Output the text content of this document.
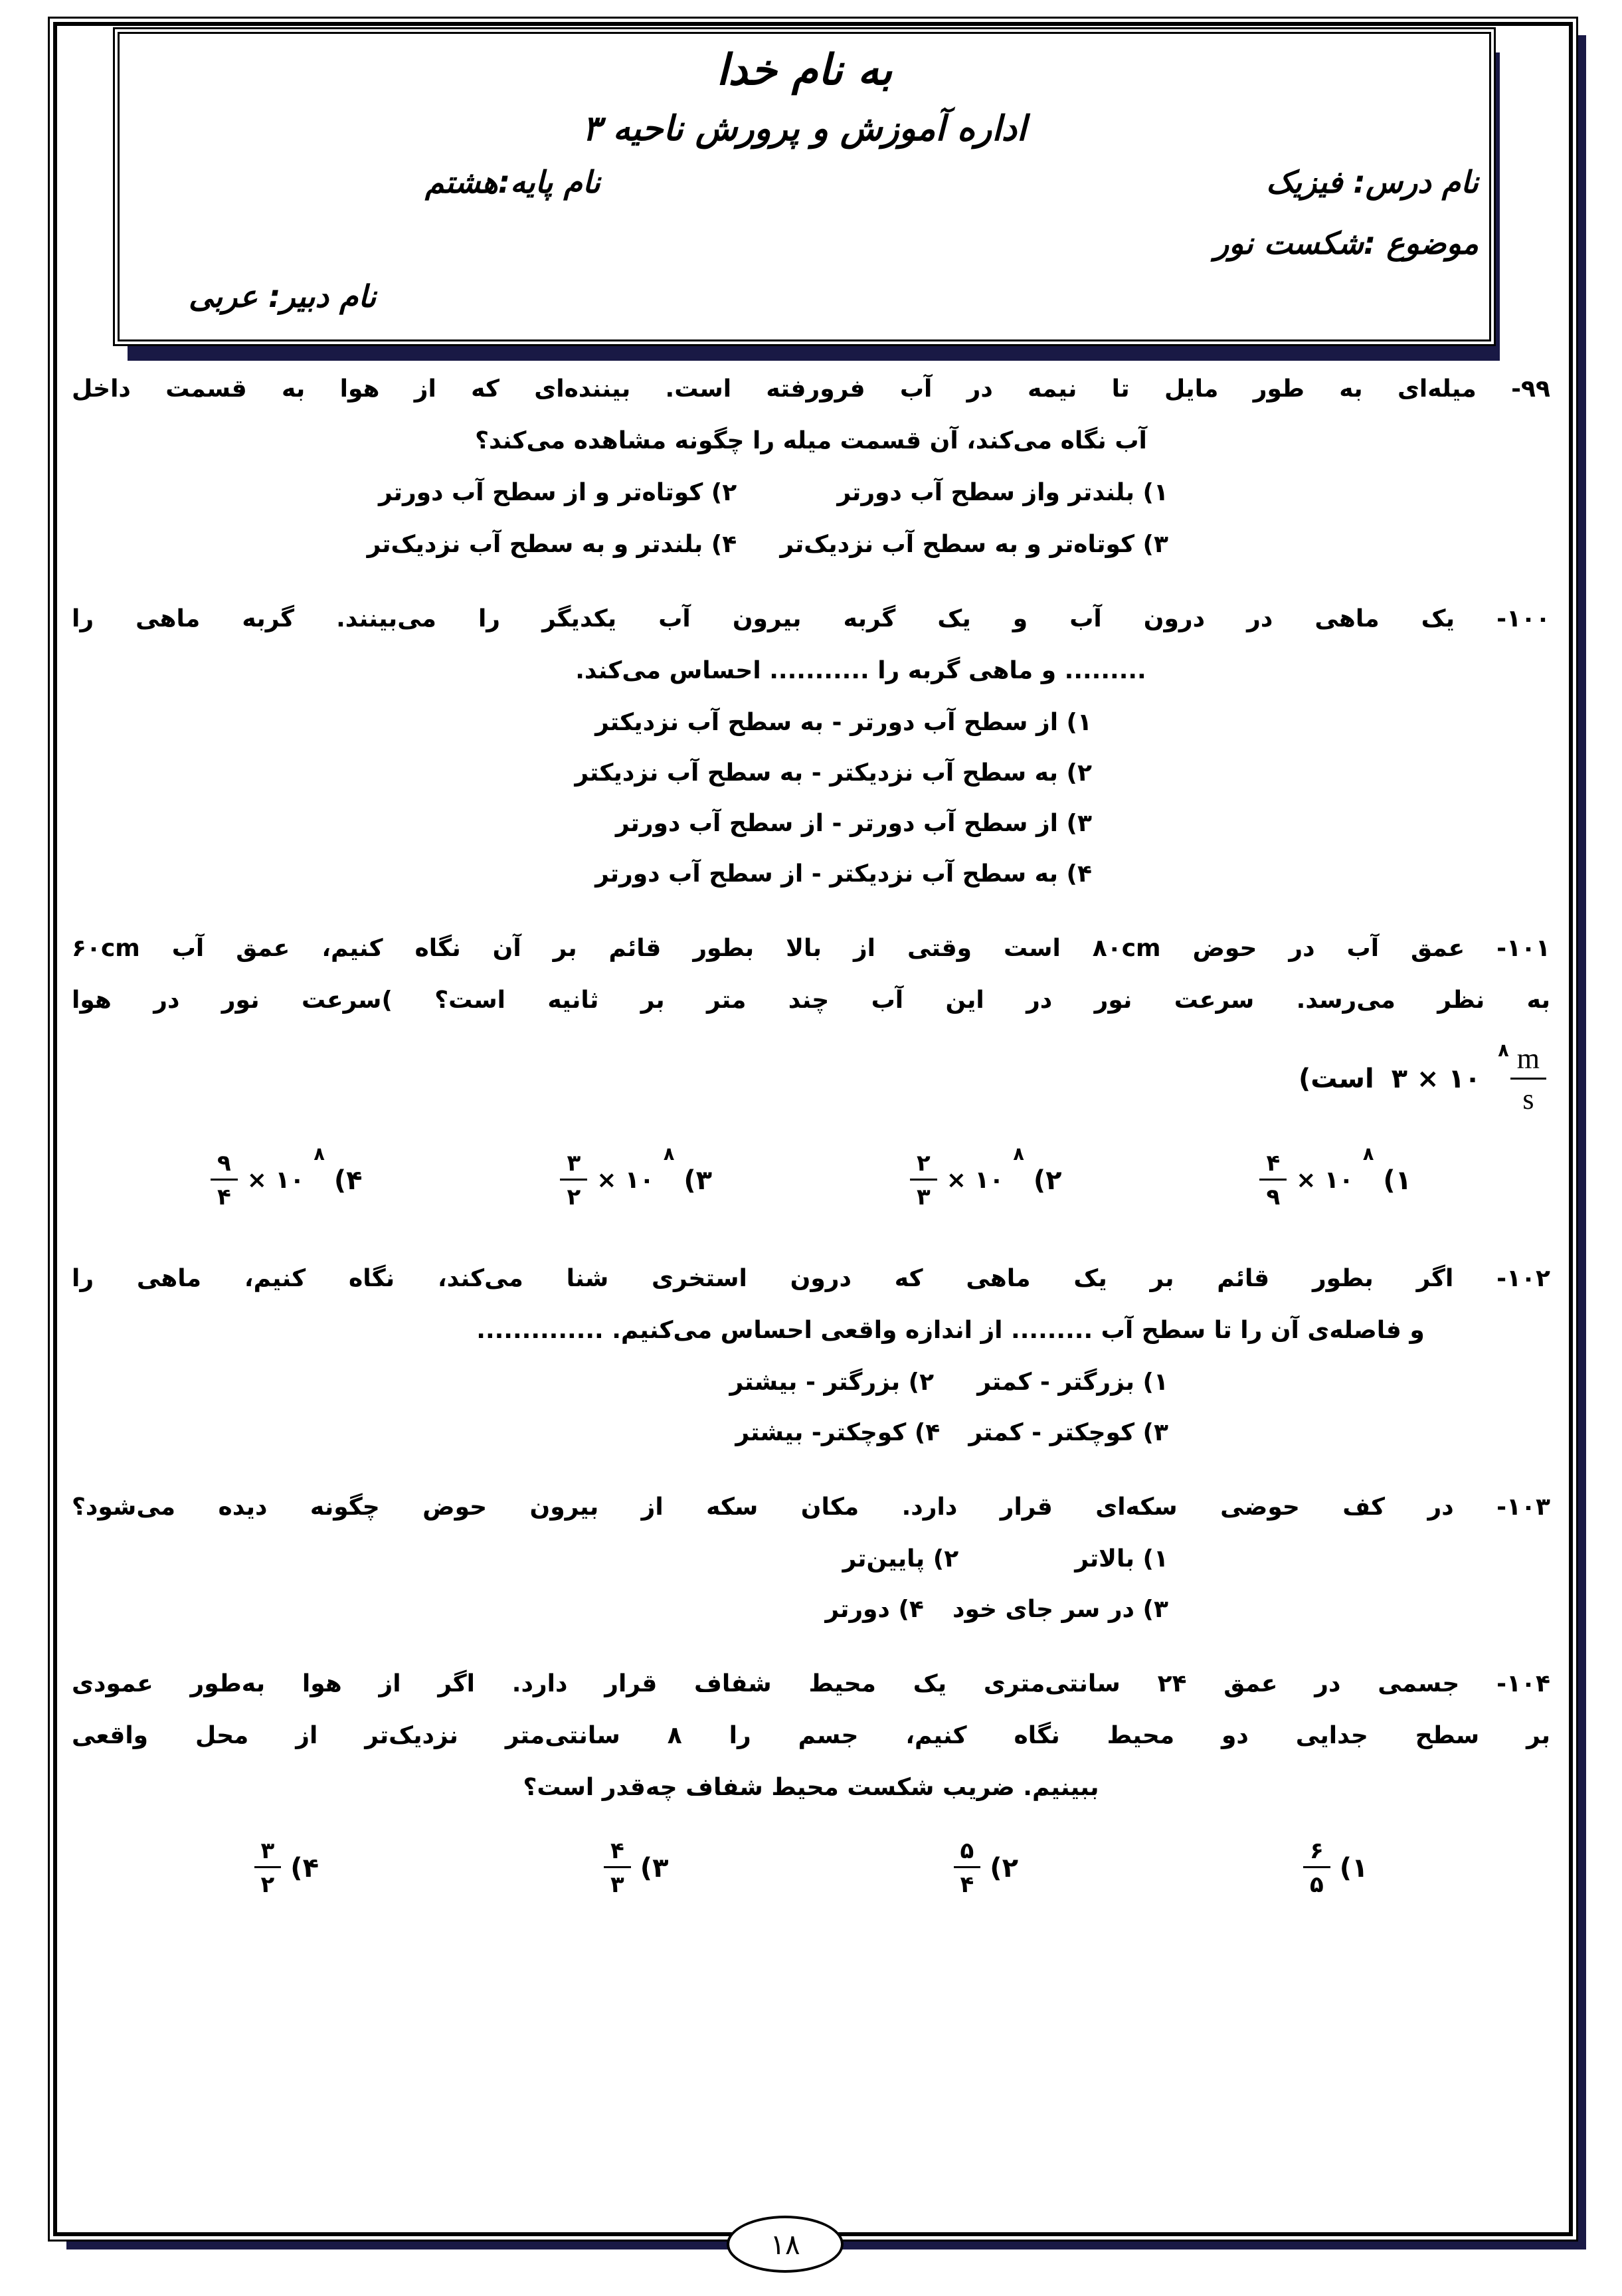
به نام خدا
اداره آموزش و پرورش ناحیه ۳
نام درس: فیزیک
نام پایه:هشتم
موضوع :شکست نور
نام دبیر: عربی
۹۹- میله‌ای به طور مایل تا نیمه در آب فرورفته است. بیننده‌ای که از هوا به قسمت داخل
آب نگاه می‌کند، آن قسمت میله را چگونه مشاهده می‌کند؟
۱) بلندتر واز سطح آب دورتر
۲) کوتاه‌تر و از سطح آب دورتر
۳) کوتاه‌تر و به سطح آب نزدیک‌تر
۴) بلندتر و به سطح آب نزدیک‌تر
۱۰۰- یک ماهی در درون آب و یک گربه بیرون آب یکدیگر را می‌بینند. گربه ماهی را
......... و ماهی گربه را ........... احساس می‌کند.
۱) از سطح آب دورتر - به سطح آب نزدیکتر
۲) به سطح آب نزدیکتر - به سطح آب نزدیکتر
۳) از سطح آب دورتر - از سطح آب دورتر
۴) به سطح آب نزدیکتر - از سطح آب دورتر
۱۰۱- عمق آب در حوض ۸۰cm است وقتی از بالا بطور قائم بر آن نگاه کنیم، عمق آب ۶۰cm
به نظر می‌رسد. سرعت نور در این آب چند متر بر ثانیه است؟ )سرعت نور در هوا
(است ۳ × ۱۰
۸ $\frac{m}{s}$
$\frac{۴}{۹}$ × ۱۰
۸
(۱
$\frac{۲}{۳}$ × ۱۰
۸
(۲
$\frac{۳}{۲}$ × ۱۰
۸
(۳
$\frac{۹}{۴}$ × ۱۰
۸
(۴
۱۰۲- اگر بطور قائم بر یک ماهی که درون استخری شنا می‌کند، نگاه کنیم، ماهی را
و فاصله‌ی آن را تا سطح آب ......... از اندازه واقعی احساس می‌کنیم. ..............
۱) بزرگتر - کمتر ۲) بزرگتر - بیشتر
۳) کوچکتر - کمتر ۴) کوچکتر- بیشتر
۱۰۳- در کف حوضی سکه‌ای قرار دارد. مکان سکه از بیرون حوض چگونه دیده می‌شود؟
۱) بالاتر ۲) پایین‌تر
۳) در سر جای خود ۴) دورتر
۱۰۴- جسمی در عمق ۲۴ سانتی‌متری یک محیط شفاف قرار دارد. اگر از هوا به‌طور عمودی
بر سطح جدایی دو محیط نگاه کنیم، جسم را ۸ سانتی‌متر نزدیک‌تر از محل واقعی
ببینیم. ضریب شکست محیط شفاف چه‌قدر است؟
$\frac{۶}{۵}$ (۱
$\frac{۵}{۴}$ (۲
$\frac{۴}{۳}$ (۳
$\frac{۳}{۲}$ (۴
۱۸
